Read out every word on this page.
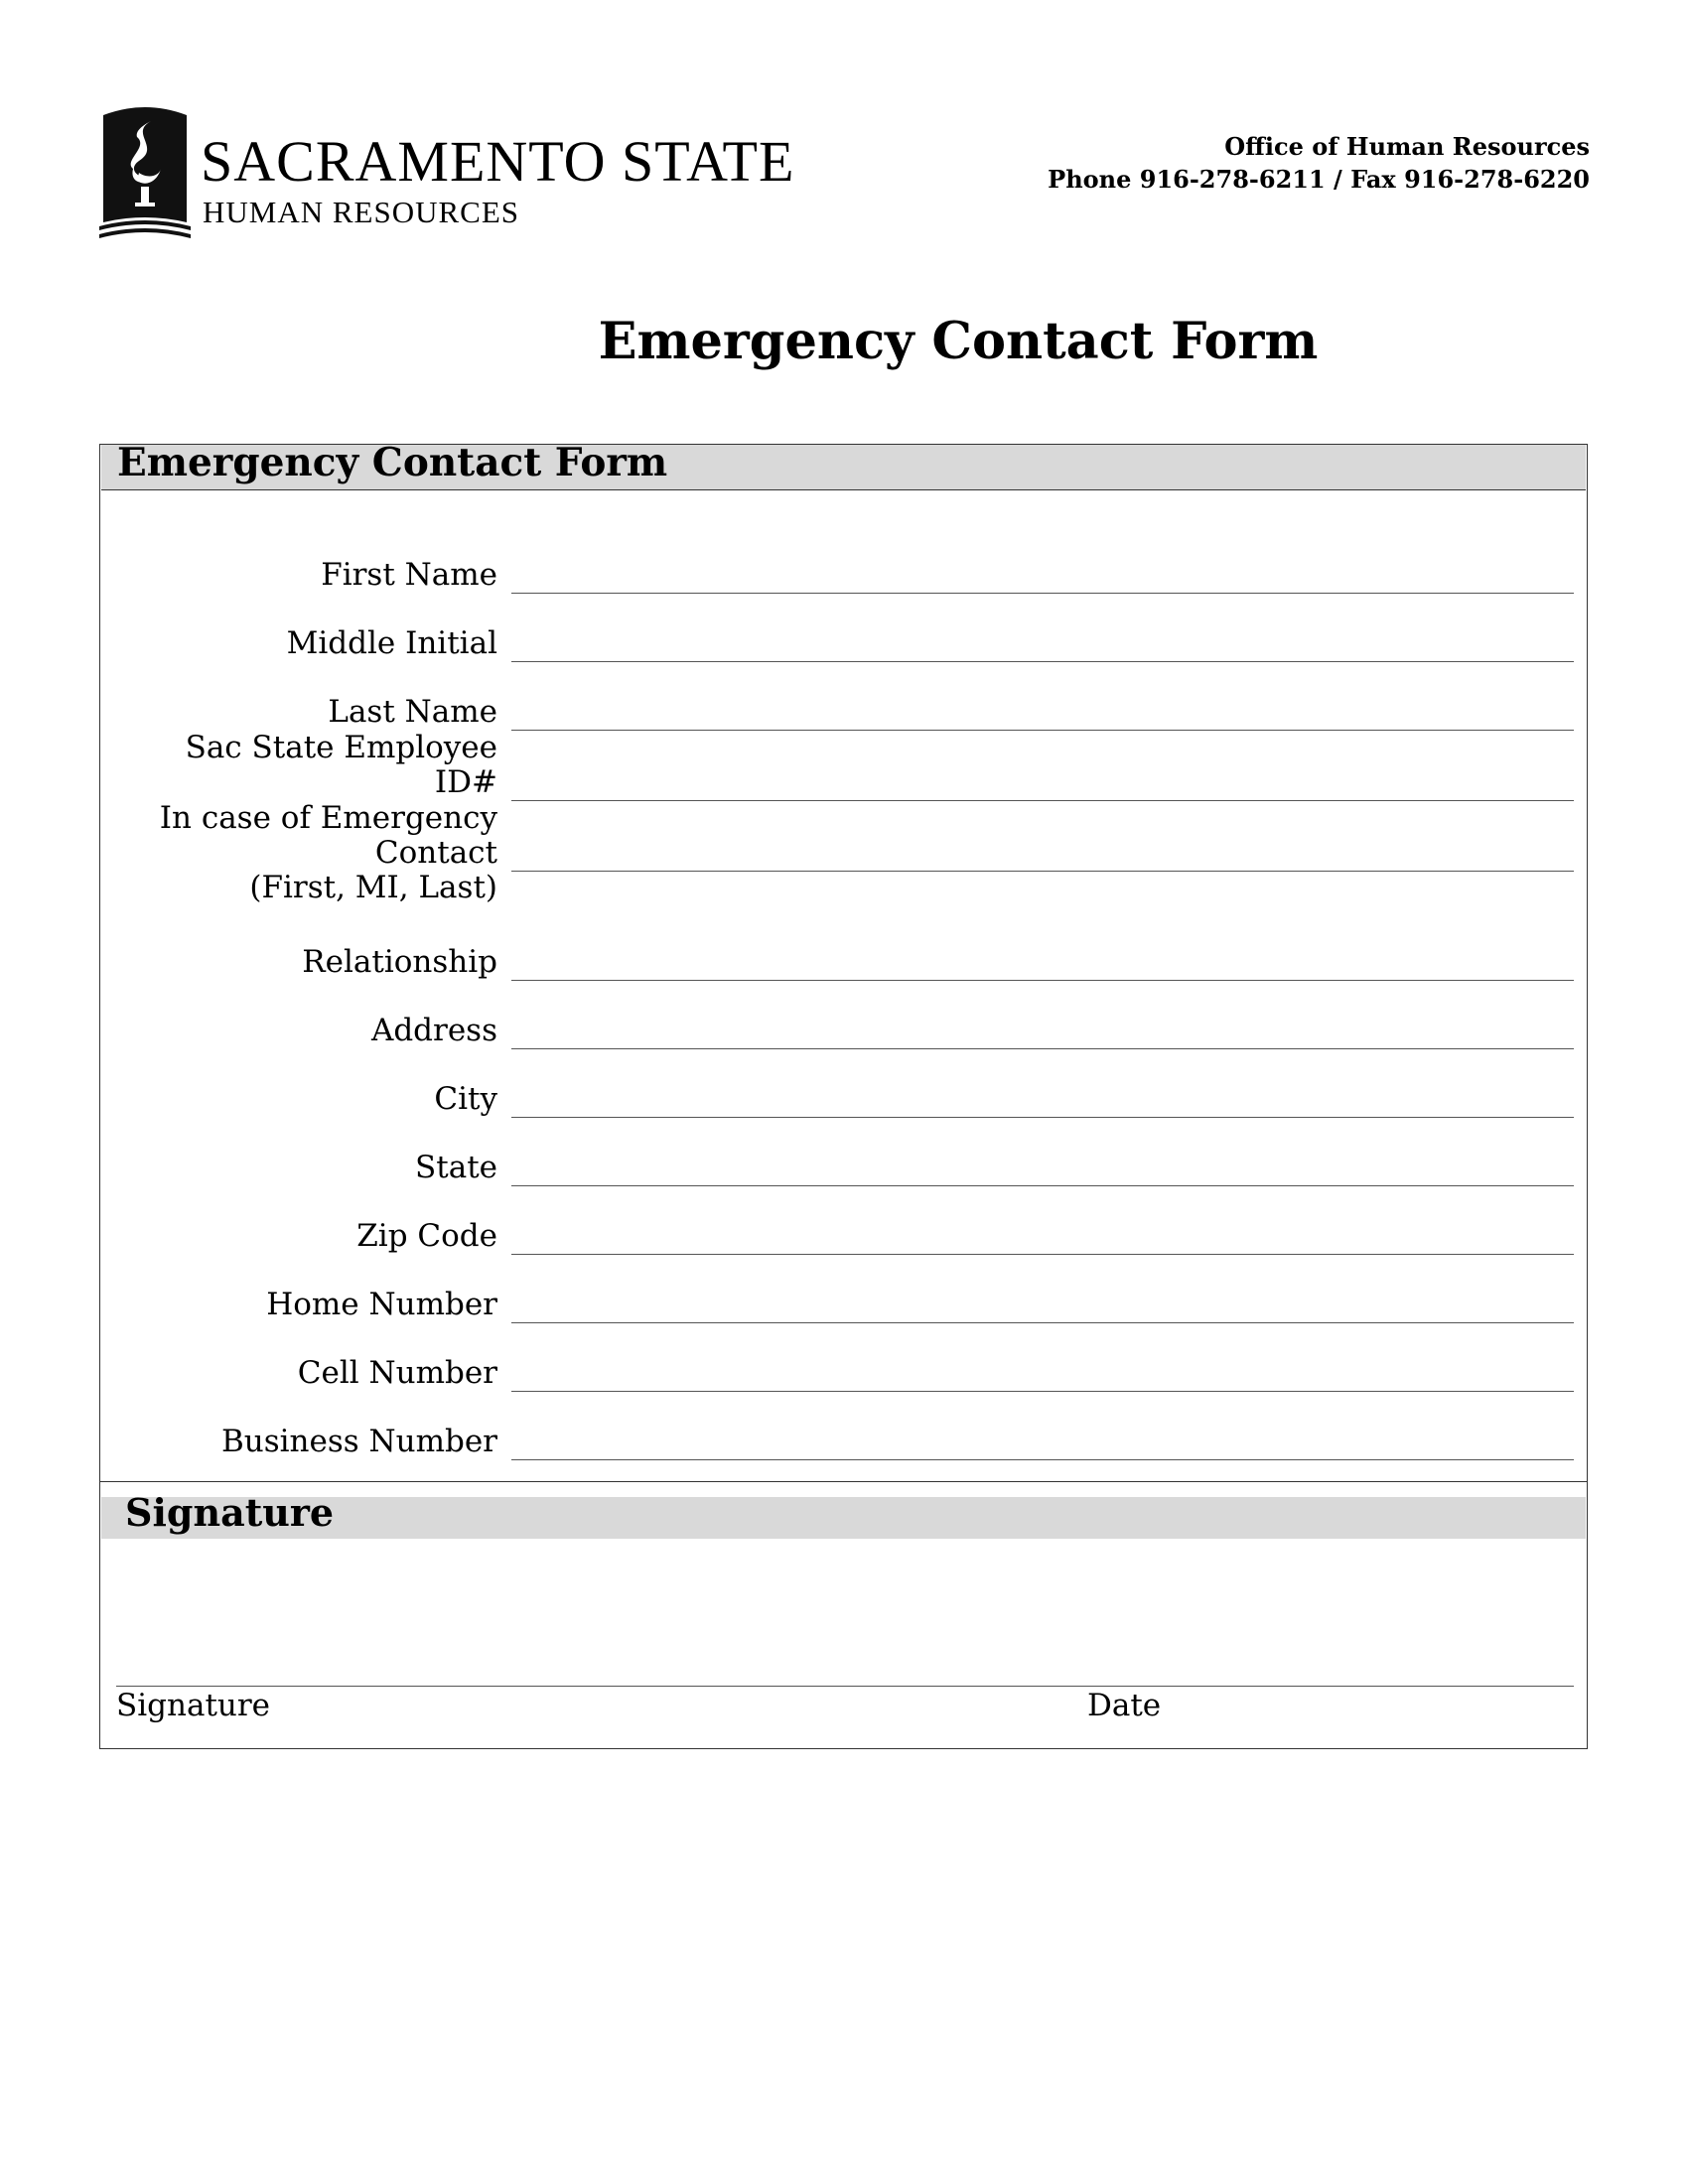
SACRAMENTO STATE
HUMAN RESOURCES
Office of Human Resources
Phone 916-278-6211 / Fax 916-278-6220
Emergency Contact Form
Emergency Contact Form
Signature
First Name
Middle Initial
Last Name
Sac State Employee
ID#
In case of Emergency
Contact
(First, MI, Last)
Relationship
Address
City
State
Zip Code
Home Number
Cell Number
Business Number
Signature	Date
